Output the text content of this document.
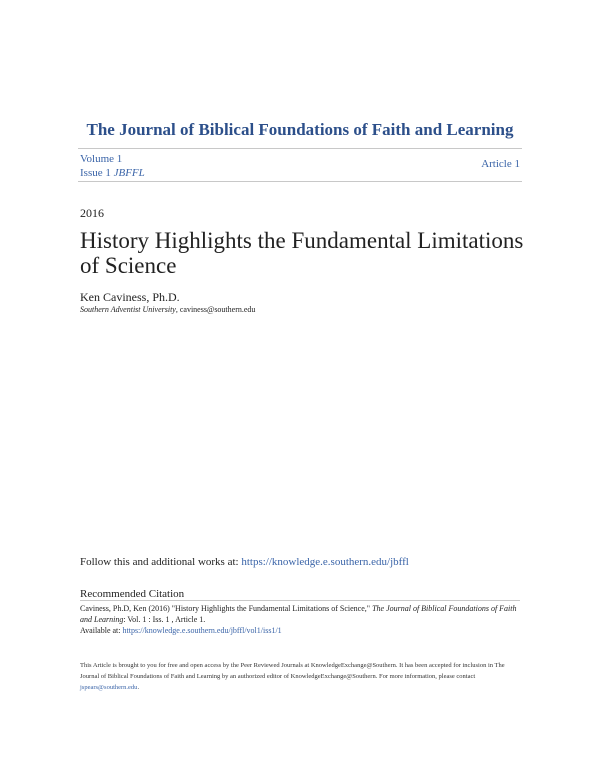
The Journal of Biblical Foundations of Faith and Learning
Volume 1
Issue 1 JBFFL
Article 1
2016
History Highlights the Fundamental Limitations of Science
Ken Caviness, Ph.D.
Southern Adventist University, caviness@southern.edu
Follow this and additional works at: https://knowledge.e.southern.edu/jbffl
Recommended Citation
Caviness, Ph.D, Ken (2016) "History Highlights the Fundamental Limitations of Science," The Journal of Biblical Foundations of Faith and Learning: Vol. 1 : Iss. 1 , Article 1.
Available at: https://knowledge.e.southern.edu/jbffl/vol1/iss1/1
This Article is brought to you for free and open access by the Peer Reviewed Journals at KnowledgeExchange@Southern. It has been accepted for inclusion in The Journal of Biblical Foundations of Faith and Learning by an authorized editor of KnowledgeExchange@Southern. For more information, please contact jspears@southern.edu.
